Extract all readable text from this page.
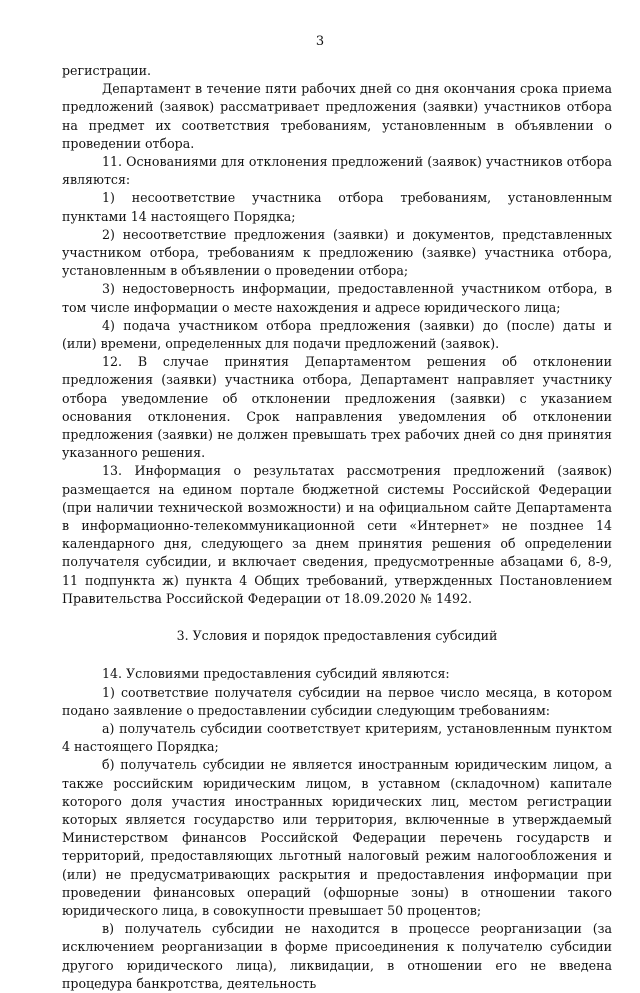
3

регистрации.

Департамент в течение пяти рабочих дней со дня окончания срока приема предложений (заявок) рассматривает предложения (заявки) участников отбора на предмет их соответствия требованиям, установленным в объявлении о проведении отбора.

11. Основаниями для отклонения предложений (заявок) участников отбора являются:

1) несоответствие участника отбора требованиям, установленным пунктами 14 настоящего Порядка;

2) несоответствие предложения (заявки) и документов, представленных участником отбора, требованиям к предложению (заявке) участника отбора, установленным в объявлении о проведении отбора;

3) недостоверность информации, предоставленной участником отбора, в том числе информации о месте нахождения и адресе юридического лица;

4) подача участником отбора предложения (заявки) до (после) даты и (или) времени, определенных для подачи предложений (заявок).

12. В случае принятия Департаментом решения об отклонении предложения (заявки) участника отбора, Департамент направляет участнику отбора уведомление об отклонении предложения (заявки) с указанием основания отклонения. Срок направления уведомления об отклонении предложения (заявки) не должен превышать трех рабочих дней со дня принятия указанного решения.

13. Информация о результатах рассмотрения предложений (заявок) размещается на едином портале бюджетной системы Российской Федерации (при наличии технической возможности) и на официальном сайте Департамента в информационно-телекоммуникационной сети «Интернет» не позднее 14 календарного дня, следующего за днем принятия решения об определении получателя субсидии, и включает сведения, предусмотренные абзацами 6, 8-9, 11 подпункта ж) пункта 4 Общих требований, утвержденных Постановлением Правительства Российской Федерации от 18.09.2020 № 1492.

3. Условия и порядок предоставления субсидий

14. Условиями предоставления субсидий являются:

1) соответствие получателя субсидии на первое число месяца, в котором подано заявление о предоставлении субсидии следующим требованиям:

а) получатель субсидии соответствует критериям, установленным пунктом 4 настоящего Порядка;

б) получатель субсидии не является иностранным юридическим лицом, а также российским юридическим лицом, в уставном (складочном) капитале которого доля участия иностранных юридических лиц, местом регистрации которых является государство или территория, включенные в утверждаемый Министерством финансов Российской Федерации перечень государств и территорий, предоставляющих льготный налоговый режим налогообложения и (или) не предусматривающих раскрытия и предоставления информации при проведении финансовых операций (офшорные зоны) в отношении такого юридического лица, в совокупности превышает 50 процентов;

в) получатель субсидии не находится в процессе реорганизации (за исключением реорганизации в форме присоединения к получателю субсидии другого юридического лица), ликвидации, в отношении его не введена процедура банкротства, деятельность
